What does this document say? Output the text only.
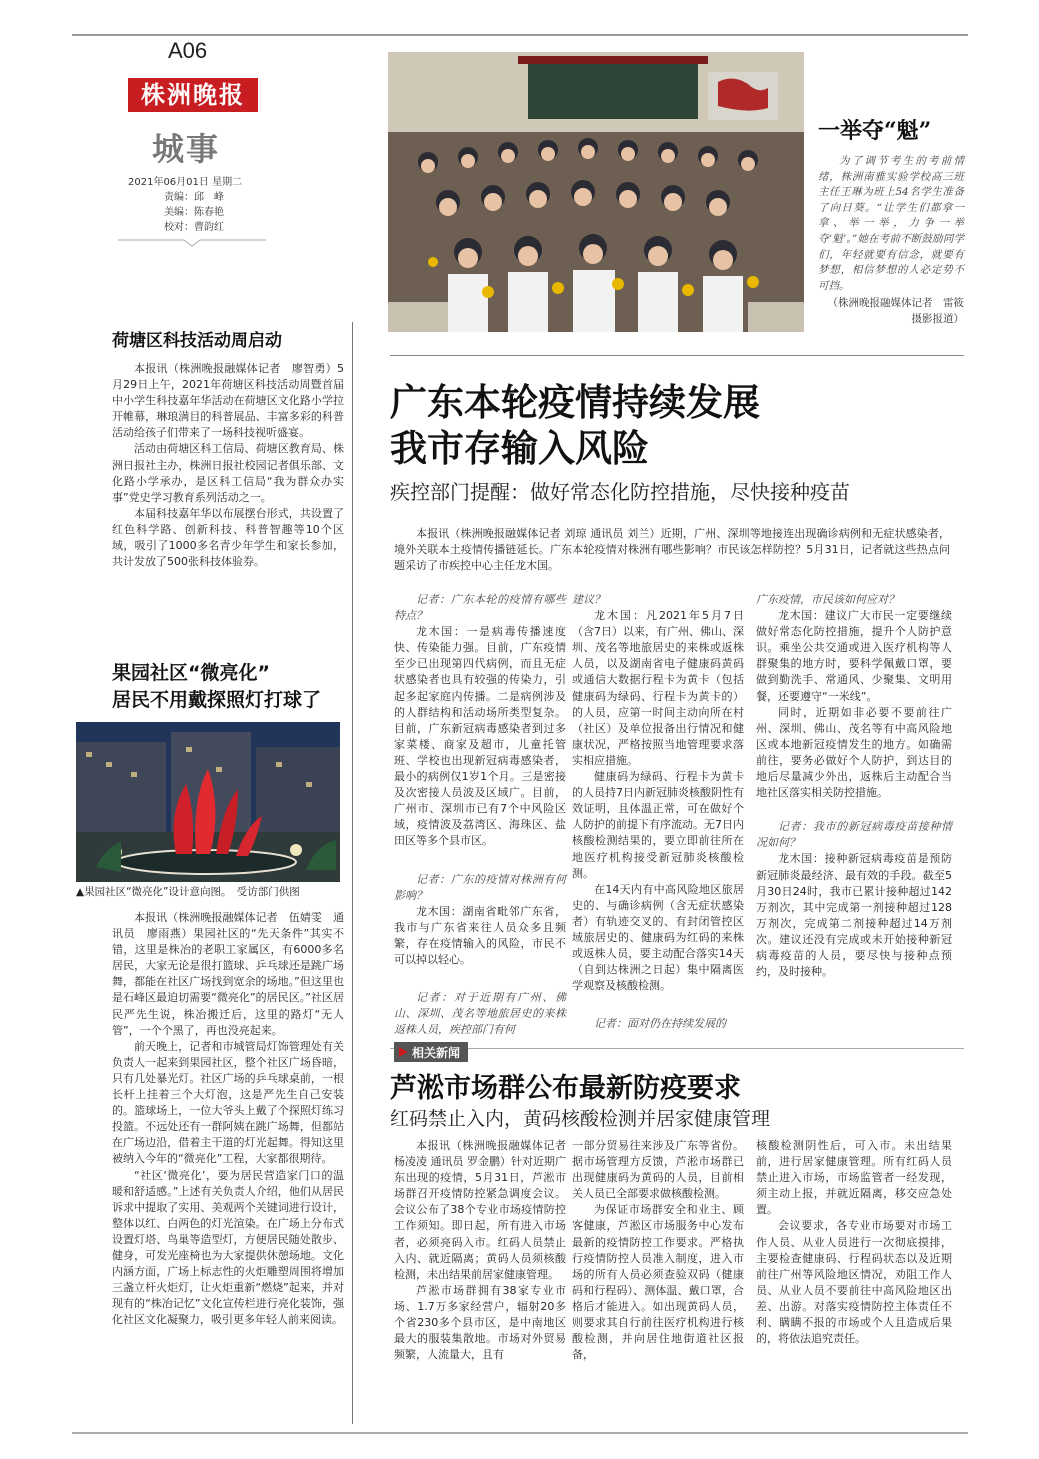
A06
株洲晚报
城事
2021年06月01日 星期二
责编：邱　峰
美编：陈春艳
校对：曹韵红
一举夺“魁”

为了调节考生的考前情绪，株洲南雅实验学校高三班主任王琳为班上54名学生准备了向日葵。“让学生们都拿一拿、举一举，力争一举夺‘魁’。”她在考前不断鼓励同学们，年轻就要有信念，就要有梦想，相信梦想的人必定势不可挡。

（株洲晚报融媒体记者　雷筱　摄影报道）

荷塘区科技活动周启动

本报讯（株洲晚报融媒体记者　廖智勇）5月29日上午，2021年荷塘区科技活动周暨首届中小学生科技嘉年华活动在荷塘区文化路小学拉开帷幕，琳琅满目的科普展品、丰富多彩的科普活动给孩子们带来了一场科技视听盛宴。

活动由荷塘区科工信局、荷塘区教育局、株洲日报社主办，株洲日报社校园记者俱乐部、文化路小学承办，是区科工信局“我为群众办实事”党史学习教育系列活动之一。

本届科技嘉年华以布展摆台形式，共设置了红色科学路、创新科技、科普智趣等10个区域，吸引了1000多名青少年学生和家长参加，共计发放了500张科技体验券。

果园社区“微亮化”
居民不用戴探照灯打球了
▲果园社区“微亮化”设计意向图。　受访部门供图

本报讯（株洲晚报融媒体记者　伍婧雯　通讯员　廖雨燕）果园社区的“先天条件”其实不错，这里是株冶的老职工家属区，有6000多名居民，大家无论是很打篮球、乒乓球还是跳广场舞，都能在社区广场找到宽余的场地。”但这里也是石峰区最迫切需要“微亮化”的居民区。”社区居民严先生说，株冶搬迁后，这里的路灯“无人管”，一个个黑了，再也没亮起来。

前天晚上，记者和市城管局灯饰管理处有关负责人一起来到果园社区，整个社区广场昏暗，只有几处暴光灯。社区广场的乒乓球桌前，一根长杆上挂着三个大灯泡，这是严先生自己安装的。篮球场上，一位大爷头上戴了个探照灯练习投篮。不远处还有一群阿姨在跳广场舞，但都站在广场边沿，借着主干道的灯光起舞。得知这里被纳入今年的“微亮化”工程，大家都很期待。

“社区‘微亮化’，要为居民营造家门口的温暖和舒适感。”上述有关负责人介绍，他们从居民诉求中提取了实用、美观两个关键词进行设计，整体以红、白两色的灯光渲染。在广场上分布式设置灯塔、鸟巢等造型灯，方便居民随处散步、健身，可发光座椅也为大家提供休憩场地。文化内涵方面，广场上标志性的火炬雕塑周围将增加三盏立杆火炬灯，让火炬重新“燃烧”起来，并对现有的“株冶记忆”文化宣传栏进行亮化装饰，强化社区文化凝聚力，吸引更多年轻人前来阅读。

广东本轮疫情持续发展
我市存输入风险
疾控部门提醒：做好常态化防控措施，尽快接种疫苗

本报讯（株洲晚报融媒体记者 刘琼 通讯员 刘兰）近期，广州、深圳等地接连出现确诊病例和无症状感染者，境外关联本土疫情传播链延长。广东本轮疫情对株洲有哪些影响？市民该怎样防控？5月31日，记者就这些热点问题采访了市疾控中心主任龙木国。

记者：广东本轮的疫情有哪些特点？

龙木国：一是病毒传播速度快、传染能力强。目前，广东疫情至少已出现第四代病例，而且无症状感染者也具有较强的传染力，引起多起家庭内传播。二是病例涉及的人群结构和活动场所类型复杂。目前，广东新冠病毒感染者到过多家菜楼、商家及超市，儿童托管班、学校也出现新冠病毒感染者，最小的病例仅1岁1个月。三是密接及次密接人员波及区域广。目前，广州市、深圳市已有7个中风险区域，疫情波及荔湾区、海珠区、盐田区等多个县市区。

记者：广东的疫情对株洲有何影响？

龙木国：湖南省毗邻广东省，我市与广东省来往人员众多且频繁，存在疫情输入的风险，市民不可以掉以轻心。

记者：对于近期有广州、佛山、深圳、茂名等地旅居史的来株返株人员，疾控部门有何

建议？

龙木国：凡2021年5月7日（含7日）以来，有广州、佛山、深圳、茂名等地旅居史的来株或返株人员，以及湖南省电子健康码黄码或通信大数据行程卡为黄卡（包括健康码为绿码、行程卡为黄卡的）的人员，应第一时间主动向所在村（社区）及单位报备出行情况和健康状况，严格按照当地管理要求落实相应措施。

健康码为绿码、行程卡为黄卡的人员持7日内新冠肺炎核酸阴性有效证明，且体温正常，可在做好个人防护的前提下有序流动。无7日内核酸检测结果的，要立即前往所在地医疗机构接受新冠肺炎核酸检测。

在14天内有中高风险地区旅居史的、与确诊病例（含无症状感染者）有轨迹交叉的、有封闭管控区域旅居史的、健康码为红码的来株或返株人员，要主动配合落实14天（自到达株洲之日起）集中隔离医学观察及核酸检测。

记者：面对仍在持续发展的

广东疫情，市民该如何应对？

龙木国：建议广大市民一定要继续做好常态化防控措施，提升个人防护意识。乘坐公共交通或进入医疗机构等人群聚集的地方时，要科学佩戴口罩，要做到勤洗手、常通风、少聚集、文明用餐，还要遵守“一米线”。

同时，近期如非必要不要前往广州、深圳、佛山、茂名等有中高风险地区或本地新冠疫情发生的地方。如确需前往，要务必做好个人防护，到达目的地后尽量减少外出，返株后主动配合当地社区落实相关防控措施。

记者：我市的新冠病毒疫苗接种情况如何？

龙木国：接种新冠病毒疫苗是预防新冠肺炎最经济、最有效的手段。截至5月30日24时，我市已累计接种超过142万剂次，其中完成第一剂接种超过128万剂次，完成第二剂接种超过14万剂次。建议还没有完成或未开始接种新冠病毒疫苗的人员，要尽快与接种点预约，及时接种。

相关新闻
芦淞市场群公布最新防疫要求
红码禁止入内，黄码核酸检测并居家健康管理

本报讯（株洲晚报融媒体记者 杨凌凌 通讯员 罗金鹏）针对近期广东出现的疫情，5月31日，芦淞市场群召开疫情防控紧急调度会议。会议公布了38个专业市场疫情防控工作须知。即日起，所有进入市场者，必须亮码入市。红码人员禁止入内、就近隔离；黄码人员须核酸检测，未出结果前居家健康管理。

芦淞市场群拥有38家专业市场、1.7万多家经营户，辐射20多个省230多个县市区，是中南地区最大的服装集散地。市场对外贸易频繁，人流量大，且有

一部分贸易往来涉及广东等省份。据市场管理方反馈，芦淞市场群已出现健康码为黄码的人员，目前相关人员已全部要求做核酸检测。

为保证市场群安全和业主、顾客健康，芦淞区市场服务中心发布最新的疫情防控工作要求。严格执行疫情防控人员准入制度，进入市场的所有人员必须查验双码（健康码和行程码）、测体温、戴口罩，合格后才能进入。如出现黄码人员，则要求其自行前往医疗机构进行核酸检测，并向居住地街道社区报备，

核酸检测阴性后，可入市。未出结果前，进行居家健康管理。所有红码人员禁止进入市场，市场监管者一经发现，须主动上报，并就近隔离，移交应急处置。

会议要求，各专业市场要对市场工作人员、从业人员进行一次彻底摸排，主要检查健康码、行程码状态以及近期前往广州等风险地区情况，劝阻工作人员、从业人员不要前往中高风险地区出差、出游。对落实疫情防控主体责任不利、瞒瞒不报的市场或个人且造成后果的，将依法追究责任。
